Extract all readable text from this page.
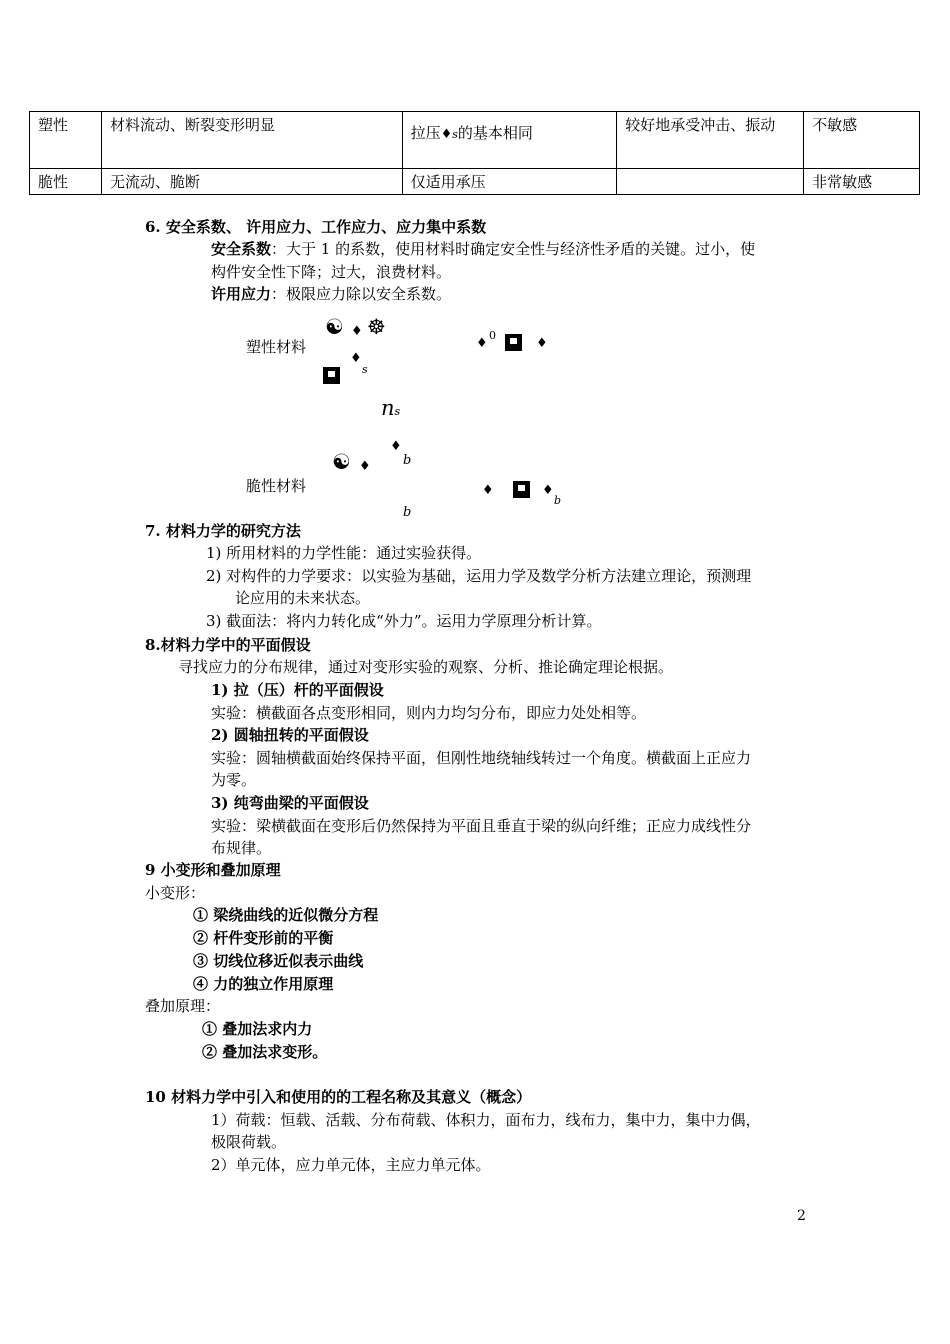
塑性	材料流动、断裂变形明显	拉压♦s的基本相同	较好地承受冲击、振动	不敏感
脆性	无流动、脆断	仅适用承压		非常敏感
6. 安全系数、 许用应力、工作应力、应力集中系数
安全系数：大于 1 的系数，使用材料时确定安全性与经济性矛盾的关键。过小，使
构件安全性下降；过大，浪费材料。
许用应力：极限应力除以安全系数。
塑性材料
☯ ♦ ☸
♦
0
♦
♦
s
ns
脆性材料
☯ ♦
♦
b
♦	♦
b
b
7. 材料力学的研究方法
1) 所用材料的力学性能：通过实验获得。
2) 对构件的力学要求：以实验为基础，运用力学及数学分析方法建立理论，预测理
论应用的未来状态。
3) 截面法：将内力转化成“外力”。运用力学原理分析计算。
8.材料力学中的平面假设
寻找应力的分布规律，通过对变形实验的观察、分析、推论确定理论根据。
1) 拉（压）杆的平面假设
实验：横截面各点变形相同，则内力均匀分布，即应力处处相等。
2) 圆轴扭转的平面假设
实验：圆轴横截面始终保持平面，但刚性地绕轴线转过一个角度。横截面上正应力
为零。
3) 纯弯曲梁的平面假设
实验：梁横截面在变形后仍然保持为平面且垂直于梁的纵向纤维；正应力成线性分
布规律。
9 小变形和叠加原理
小变形：
① 梁绕曲线的近似微分方程
② 杆件变形前的平衡
③ 切线位移近似表示曲线
④ 力的独立作用原理
叠加原理：
① 叠加法求内力
② 叠加法求变形。
10 材料力学中引入和使用的的工程名称及其意义（概念）
1）荷载：恒载、活载、分布荷载、体积力，面布力，线布力，集中力，集中力偶，
极限荷载。
2）单元体，应力单元体，主应力单元体。
2
